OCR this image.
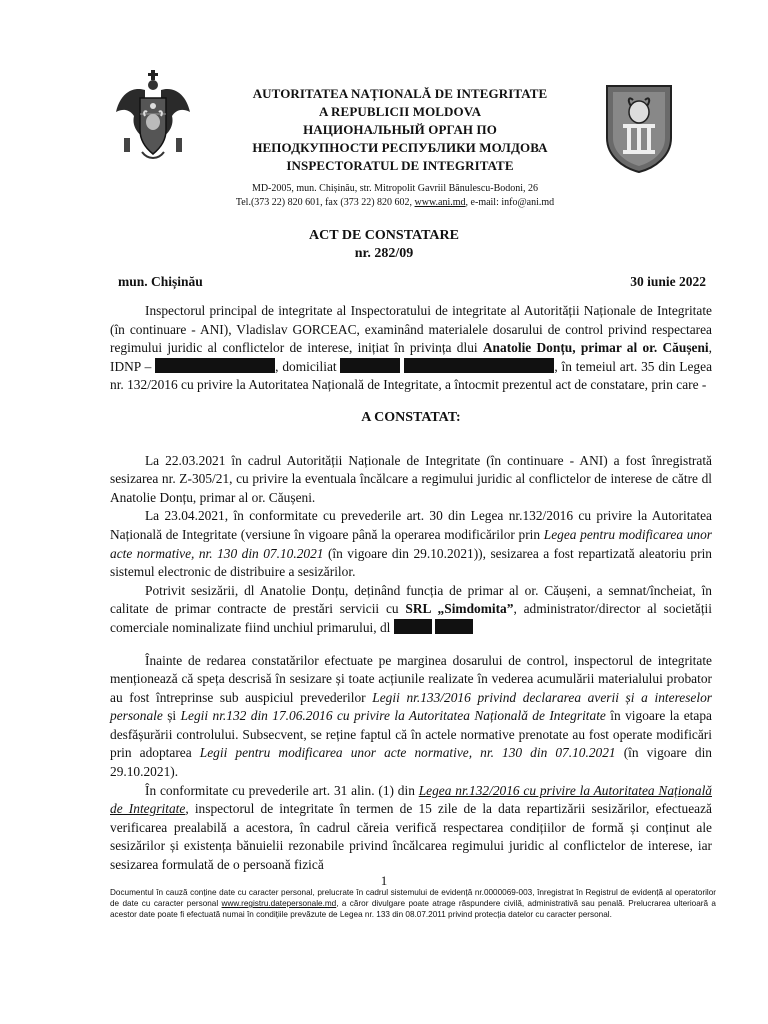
AUTORITATEA NAȚIONALĂ DE INTEGRITATE

A REPUBLICII MOLDOVA

НАЦИОНАЛЬНЫЙ ОРГАН ПО

НЕПОДКУПНОСТИ РЕСПУБЛИКИ МОЛДОВА

INSPECTORATUL DE INTEGRITATE

MD-2005, mun. Chișinău, str. Mitropolit Gavriil Bănulescu-Bodoni, 26
Tel.(373 22) 820 601, fax (373 22) 820 602, www.ani.md, e-mail: info@ani.md
ACT DE CONSTATARE
nr. 282/09
mun. Chișinău	30 iunie 2022

Inspectorul principal de integritate al Inspectoratului de integritate al Autorității Naționale de Integritate (în continuare - ANI), Vladislav GORCEAC, examinând materialele dosarului de control privind respectarea regimului juridic al conflictelor de interese, inițiat în privința dlui Anatolie Donțu, primar al or. Căușeni, IDNP –	, domiciliat	, în temeiul art. 35 din Legea nr. 132/2016 cu privire la Autoritatea Națională de Integritate, a întocmit prezentul act de constatare, prin care -

A CONSTATAT:

La 22.03.2021 în cadrul Autorității Naționale de Integritate (în continuare - ANI) a fost înregistrată sesizarea nr. Z-305/21, cu privire la eventuala încălcare a regimului juridic al conflictelor de interese de către dl Anatolie Donțu, primar al or. Căușeni.

La 23.04.2021, în conformitate cu prevederile art. 30 din Legea nr.132/2016 cu privire la Autoritatea Națională de Integritate (versiune în vigoare până la operarea modificărilor prin Legea pentru modificarea unor acte normative, nr. 130 din 07.10.2021 (în vigoare din 29.10.2021)), sesizarea a fost repartizată aleatoriu prin sistemul electronic de distribuire a sesizărilor.

Potrivit sesizării, dl Anatolie Donțu, deținând funcția de primar al or. Căușeni, a semnat/încheiat, în calitate de primar contracte de prestări servicii cu SRL „Simdomita”, administrator/director al societății comerciale nominalizate fiind unchiul primarului, dl

Înainte de redarea constatărilor efectuate pe marginea dosarului de control, inspectorul de integritate menționează că speța descrisă în sesizare și toate acțiunile realizate în vederea acumulării materialului probator au fost întreprinse sub auspiciul prevederilor Legii nr.133/2016 privind declararea averii și a intereselor personale și Legii nr.132 din 17.06.2016 cu privire la Autoritatea Națională de Integritate în vigoare la etapa desfășurării controlului. Subsecvent, se reține faptul că în actele normative prenotate au fost operate modificări prin adoptarea Legii pentru modificarea unor acte normative, nr. 130 din 07.10.2021 (în vigoare din 29.10.2021).

În conformitate cu prevederile art. 31 alin. (1) din Legea nr.132/2016 cu privire la Autoritatea Națională de Integritate, inspectorul de integritate în termen de 15 zile de la data repartizării sesizărilor, efectuează verificarea prealabilă a acestora, în cadrul căreia verifică respectarea condițiilor de formă și conținut ale sesizărilor și existența bănuielii rezonabile privind încălcarea regimului juridic al conflictelor de interese, iar sesizarea formulată de o persoană fizică

1
Documentul în cauză conține date cu caracter personal, prelucrate în cadrul sistemului de evidență nr.0000069-003, înregistrat în Registrul de evidență al operatorilor de date cu caracter personal www.registru.datepersonale.md, a căror divulgare poate atrage răspundere civilă, administrativă sau penală. Prelucrarea ulterioară a acestor date poate fi efectuată numai în condițiile prevăzute de Legea nr. 133 din 08.07.2011 privind protecția datelor cu caracter personal.
